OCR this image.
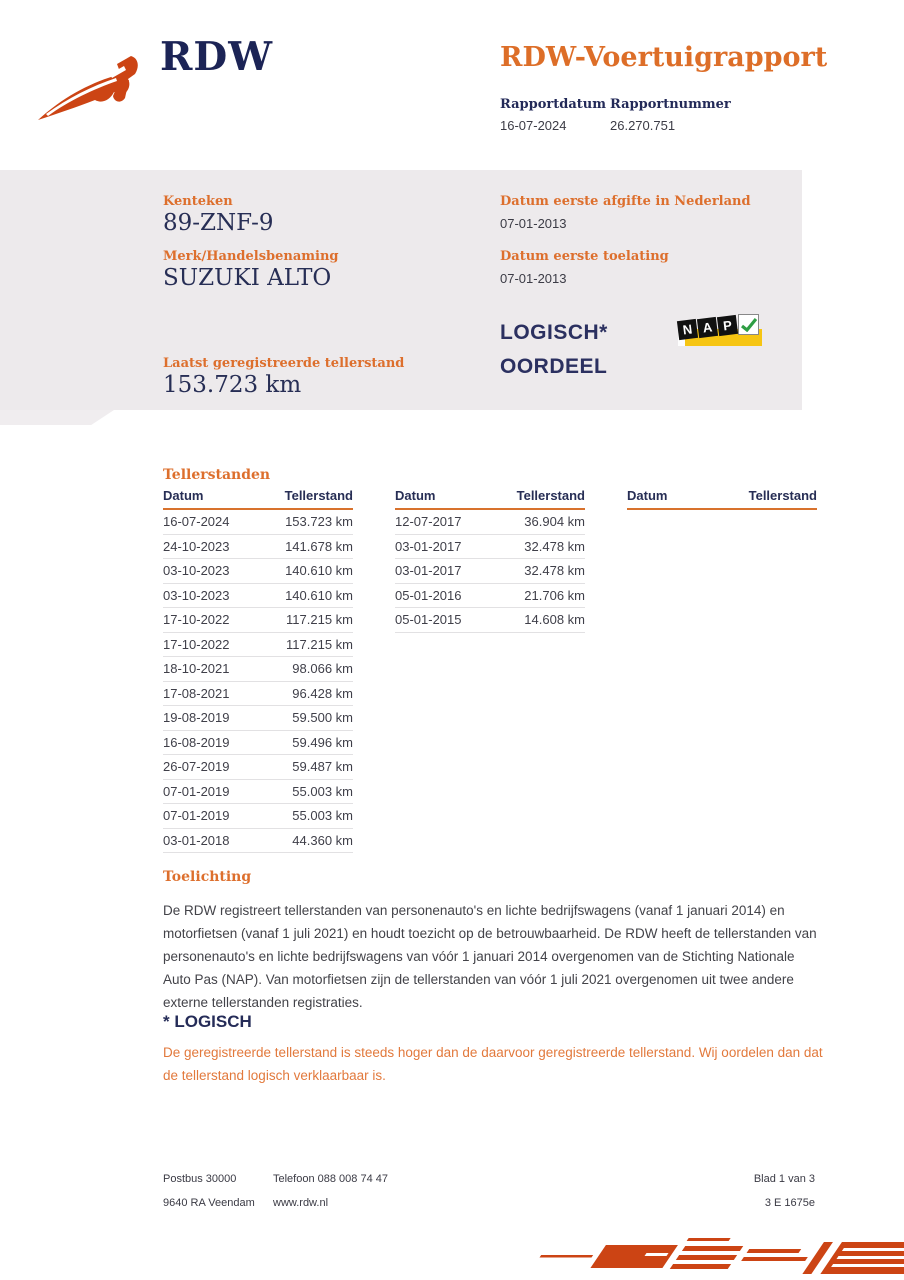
RDW	RDW-Voertuigrapport
Rapportdatum Rapportnummer
16-07-2024	26.270.751
Kenteken
89-ZNF-9
Merk/Handelsbenaming
SUZUKI ALTO
Laatst geregistreerde tellerstand
153.723 km
Datum eerste afgifte in Nederland
07-01-2013
Datum eerste toelating
07-01-2013
LOGISCH*
OORDEEL
N A P
Tellerstanden
Datum	Tellerstand
16-07-2024	153.723 km
24-10-2023	141.678 km
03-10-2023	140.610 km
03-10-2023	140.610 km
17-10-2022	117.215 km
17-10-2022	117.215 km
18-10-2021	98.066 km
17-08-2021	96.428 km
19-08-2019	59.500 km
16-08-2019	59.496 km
26-07-2019	59.487 km
07-01-2019	55.003 km
07-01-2019	55.003 km
03-01-2018	44.360 km
Datum	Tellerstand
12-07-2017	36.904 km
03-01-2017	32.478 km
03-01-2017	32.478 km
05-01-2016	21.706 km
05-01-2015	14.608 km
Datum	Tellerstand
Toelichting
De RDW registreert tellerstanden van personenauto's en lichte bedrijfswagens (vanaf 1 januari 2014) en motorfietsen (vanaf 1 juli 2021) en houdt toezicht op de betrouwbaarheid. De RDW heeft de tellerstanden van personenauto's en lichte bedrijfswagens van vóór 1 januari 2014 overgenomen van de Stichting Nationale Auto Pas (NAP). Van motorfietsen zijn de tellerstanden van vóór 1 juli 2021 overgenomen uit twee andere externe tellerstanden registraties.
* LOGISCH
De geregistreerde tellerstand is steeds hoger dan de daarvoor geregistreerde tellerstand. Wij oordelen dan dat de tellerstand logisch verklaarbaar is.
Postbus 30000	Telefoon 088 008 74 47	Blad 1 van 3
9640 RA Veendam www.rdw.nl	3 E 1675e
